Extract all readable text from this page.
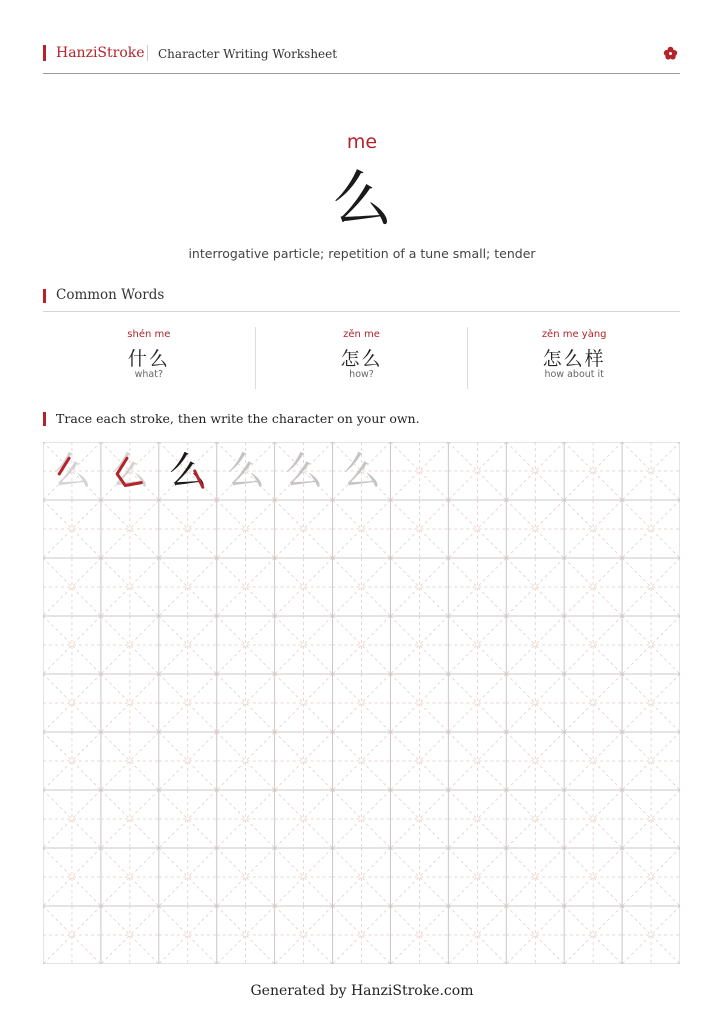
HanziStroke Character Writing Worksheet
me
么
interrogative particle; repetition of a tune small; tender
Common Words
shén me
什么
what?
zěn me
怎么
how?
zěn me yàng
怎么样
how about it
Trace each stroke, then write the character on your own.
么 么 么 么 么 么
Generated by HanziStroke.com
